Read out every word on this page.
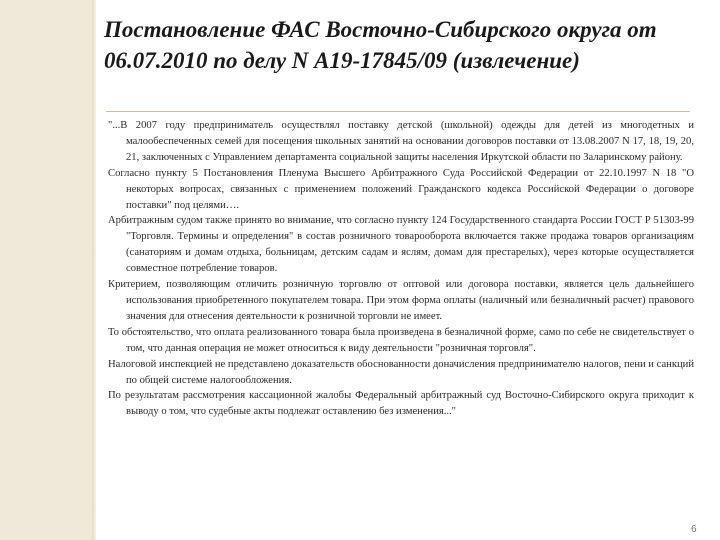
Постановление ФАС Восточно-Сибирского округа от 06.07.2010 по делу N А19-17845/09 (извлечение)

"...В 2007 году предприниматель осуществлял поставку детской (школьной) одежды для детей из многодетных и малообеспеченных семей для посещения школьных занятий на основании договоров поставки от 13.08.2007 N 17, 18, 19, 20, 21, заключенных с Управлением департамента социальной защиты населения Иркутской области по Заларинскому району.

Согласно пункту 5 Постановления Пленума Высшего Арбитражного Суда Российской Федерации от 22.10.1997 N 18 "О некоторых вопросах, связанных с применением положений Гражданского кодекса Российской Федерации о договоре поставки" под целями….

Арбитражным судом также принято во внимание, что согласно пункту 124 Государственного стандарта России ГОСТ Р 51303-99 "Торговля. Термины и определения" в состав розничного товарооборота включается также продажа товаров организациям (санаториям и домам отдыха, больницам, детским садам и яслям, домам для престарелых), через которые осуществляется совместное потребление товаров.

Критерием, позволяющим отличить розничную торговлю от оптовой или договора поставки, является цель дальнейшего использования приобретенного покупателем товара. При этом форма оплаты (наличный или безналичный расчет) правового значения для отнесения деятельности к розничной торговли не имеет.

То обстоятельство, что оплата реализованного товара была произведена в безналичной форме, само по себе не свидетельствует о том, что данная операция не может относиться к виду деятельности "розничная торговля".

Налоговой инспекцией не представлено доказательств обоснованности доначисления предпринимателю налогов, пени и санкций по общей системе налогообложения.

По результатам рассмотрения кассационной жалобы Федеральный арбитражный суд Восточно-Сибирского округа приходит к выводу о том, что судебные акты подлежат оставлению без изменения..."

6
